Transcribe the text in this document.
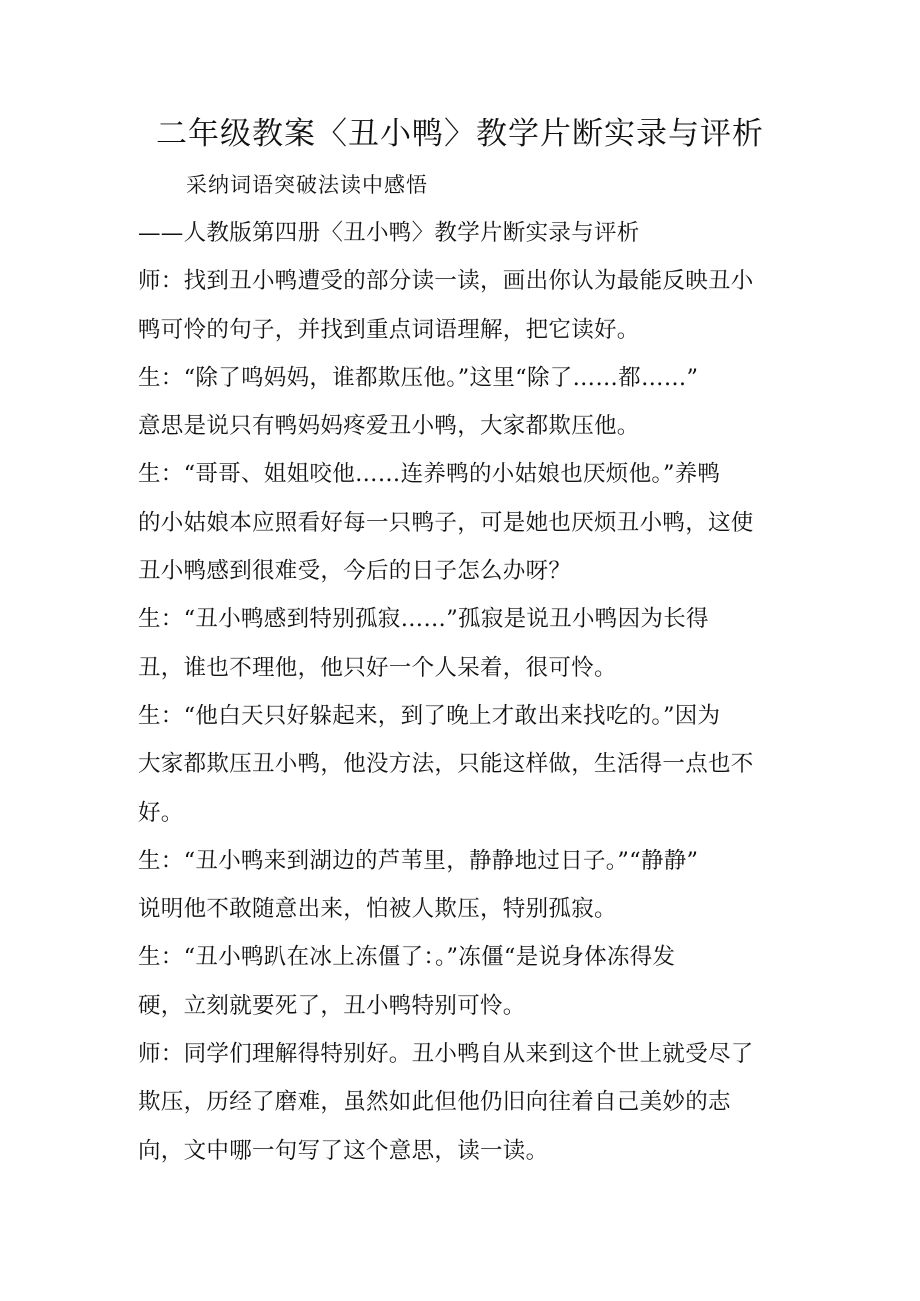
二年级教案〈丑小鸭〉教学片断实录与评析
采纳词语突破法读中感悟
——人教版第四册〈丑小鸭〉教学片断实录与评析
师：找到丑小鸭遭受的部分读一读，画出你认为最能反映丑小
鸭可怜的句子，并找到重点词语理解，把它读好。
生：“除了鸣妈妈，谁都欺压他。”这里“除了……都……”
意思是说只有鸭妈妈疼爱丑小鸭，大家都欺压他。
生：“哥哥、姐姐咬他……连养鸭的小姑娘也厌烦他。”养鸭
的小姑娘本应照看好每一只鸭子，可是她也厌烦丑小鸭，这使
丑小鸭感到很难受，今后的日子怎么办呀？
生：“丑小鸭感到特别孤寂……”孤寂是说丑小鸭因为长得
丑，谁也不理他，他只好一个人呆着，很可怜。
生：“他白天只好躲起来，到了晚上才敢出来找吃的。”因为
大家都欺压丑小鸭，他没方法，只能这样做，生活得一点也不
好。
生：“丑小鸭来到湖边的芦苇里，静静地过日子。”“静静”
说明他不敢随意出来，怕被人欺压，特别孤寂。
生：“丑小鸭趴在冰上冻僵了：。”冻僵“是说身体冻得发
硬，立刻就要死了，丑小鸭特别可怜。
师：同学们理解得特别好。丑小鸭自从来到这个世上就受尽了
欺压，历经了磨难，虽然如此但他仍旧向往着自己美妙的志
向，文中哪一句写了这个意思，读一读。
